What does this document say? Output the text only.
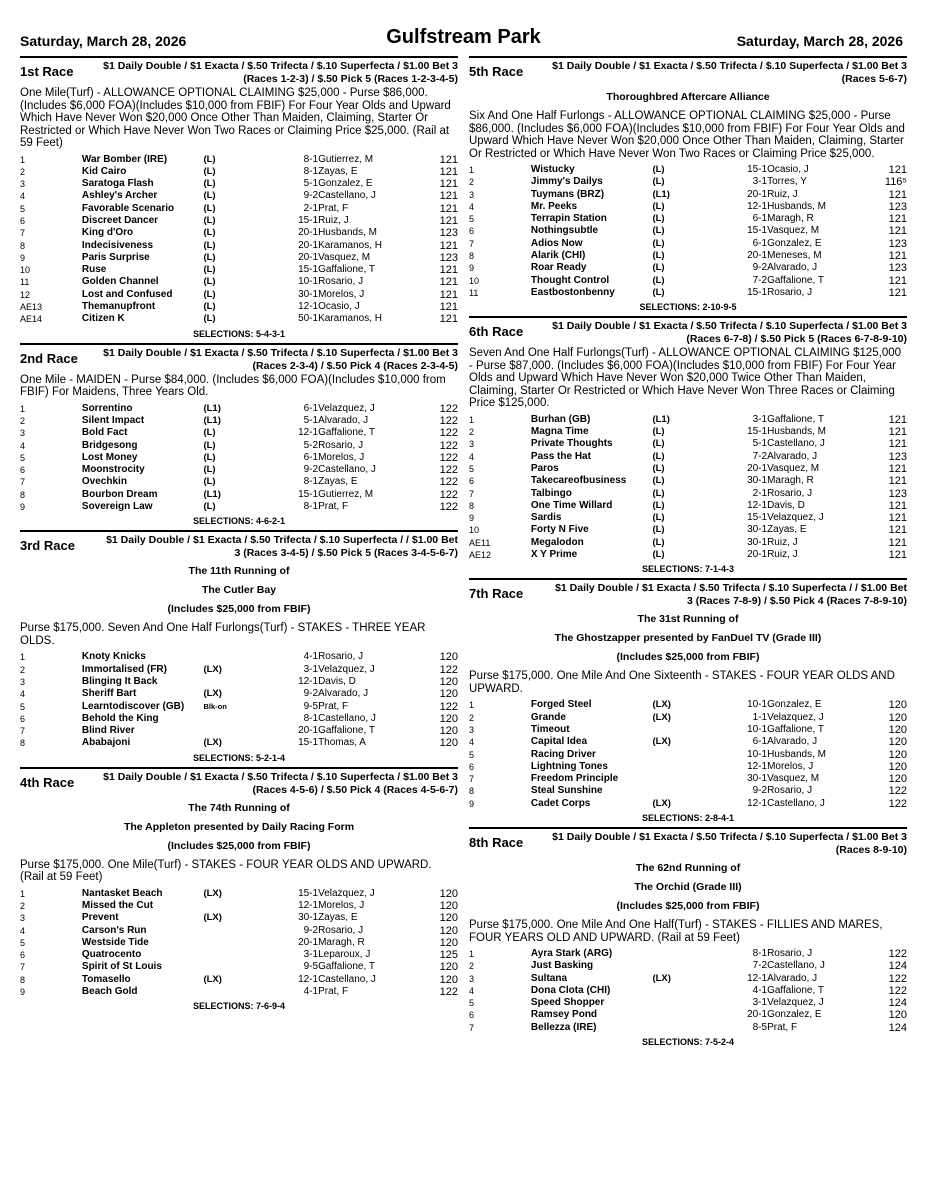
Saturday, March 28, 2026	Gulfstream Park	Saturday, March 28, 2026
1st Race	$1 Daily Double / $1 Exacta / $.50 Trifecta / $.10 Superfecta / $1.00 Bet 3 (Races 1-2-3) / $.50 Pick 5 (Races 1-2-3-4-5)
One Mile(Turf) - ALLOWANCE OPTIONAL CLAIMING $25,000 - Purse $86,000. (Includes $6,000 FOA)(Includes $10,000 from FBIF) For Four Year Olds and Upward Which Have Never Won $20,000 Once Other Than Maiden, Claiming, Starter Or Restricted or Which Have Never Won Two Races or Claiming Price $25,000. (Rail at 59 Feet)
1	War Bomber (IRE)	(L)	8-1	Gutierrez, M	121
2	Kid Cairo	(L)	8-1	Zayas, E	121
3	Saratoga Flash	(L)	5-1	Gonzalez, E	121
4	Ashley's Archer	(L)	9-2	Castellano, J	121
5	Favorable Scenario	(L)	2-1	Prat, F	121
6	Discreet Dancer	(L)	15-1	Ruiz, J	121
7	King d'Oro	(L)	20-1	Husbands, M	123
8	Indecisiveness	(L)	20-1	Karamanos, H	121
9	Paris Surprise	(L)	20-1	Vasquez, M	123
10	Ruse	(L)	15-1	Gaffalione, T	121
11	Golden Channel	(L)	10-1	Rosario, J	121
12	Lost and Confused	(L)	30-1	Morelos, J	121
AE13	Themanupfront	(L)	12-1	Ocasio, J	121
AE14	Citizen K	(L)	50-1	Karamanos, H	121
SELECTIONS: 5-4-3-1
2nd Race	$1 Daily Double / $1 Exacta / $.50 Trifecta / $.10 Superfecta / $1.00 Bet 3 (Races 2-3-4) / $.50 Pick 4 (Races 2-3-4-5)
One Mile - MAIDEN - Purse $84,000. (Includes $6,000 FOA)(Includes $10,000 from FBIF) For Maidens, Three Years Old.
1	Sorrentino	(L1)	6-1	Velazquez, J	122
2	Silent Impact	(L1)	5-1	Alvarado, J	122
3	Bold Fact	(L)	12-1	Gaffalione, T	122
4	Bridgesong	(L)	5-2	Rosario, J	122
5	Lost Money	(L)	6-1	Morelos, J	122
6	Moonstrocity	(L)	9-2	Castellano, J	122
7	Ovechkin	(L)	8-1	Zayas, E	122
8	Bourbon Dream	(L1)	15-1	Gutierrez, M	122
9	Sovereign Law	(L)	8-1	Prat, F	122
SELECTIONS: 4-6-2-1
3rd Race	$1 Daily Double / $1 Exacta / $.50 Trifecta / $.10 Superfecta / / $1.00 Bet 3 (Races 3-4-5) / $.50 Pick 5 (Races 3-4-5-6-7)
The 11th Running of
The Cutler Bay
(Includes $25,000 from FBIF)
Purse $175,000. Seven And One Half Furlongs(Turf) - STAKES - THREE YEAR OLDS.
1	Knoty Knicks		4-1	Rosario, J	120
2	Immortalised (FR)	(LX)	3-1	Velazquez, J	122
3	Blinging It Back		12-1	Davis, D	120
4	Sheriff Bart	(LX)	9-2	Alvarado, J	120
5	Learntodiscover (GB)	Blk-on	9-5	Prat, F	122
6	Behold the King		8-1	Castellano, J	120
7	Blind River		20-1	Gaffalione, T	120
8	Ababajoni	(LX)	15-1	Thomas, A	120
SELECTIONS: 5-2-1-4
4th Race	$1 Daily Double / $1 Exacta / $.50 Trifecta / $.10 Superfecta / $1.00 Bet 3 (Races 4-5-6) / $.50 Pick 4 (Races 4-5-6-7)
The 74th Running of
The Appleton presented by Daily Racing Form
(Includes $25,000 from FBIF)
Purse $175,000. One Mile(Turf) - STAKES - FOUR YEAR OLDS AND UPWARD. (Rail at 59 Feet)
1	Nantasket Beach	(LX)	15-1	Velazquez, J	120
2	Missed the Cut		12-1	Morelos, J	120
3	Prevent	(LX)	30-1	Zayas, E	120
4	Carson's Run		9-2	Rosario, J	120
5	Westside Tide		20-1	Maragh, R	120
6	Quatrocento		3-1	Leparoux, J	125
7	Spirit of St Louis		9-5	Gaffalione, T	120
8	Tomasello	(LX)	12-1	Castellano, J	120
9	Beach Gold		4-1	Prat, F	122
SELECTIONS: 7-6-9-4
5th Race	$1 Daily Double / $1 Exacta / $.50 Trifecta / $.10 Superfecta / $1.00 Bet 3 (Races 5-6-7)
Thoroughbred Aftercare Alliance
Six And One Half Furlongs - ALLOWANCE OPTIONAL CLAIMING $25,000 - Purse $86,000. (Includes $6,000 FOA)(Includes $10,000 from FBIF) For Four Year Olds and Upward Which Have Never Won $20,000 Once Other Than Maiden, Claiming, Starter Or Restricted or Which Have Never Won Two Races or Claiming Price $25,000.
1	Wistucky	(L)	15-1	Ocasio, J	121
2	Jimmy's Dailys	(L)	3-1	Torres, Y	116⁵
3	Tuymans (BRZ)	(L1)	20-1	Ruiz, J	121
4	Mr. Peeks	(L)	12-1	Husbands, M	123
5	Terrapin Station	(L)	6-1	Maragh, R	121
6	Nothingsubtle	(L)	15-1	Vasquez, M	121
7	Adios Now	(L)	6-1	Gonzalez, E	123
8	Alarik (CHI)	(L)	20-1	Meneses, M	121
9	Roar Ready	(L)	9-2	Alvarado, J	123
10	Thought Control	(L)	7-2	Gaffalione, T	121
11	Eastbostonbenny	(L)	15-1	Rosario, J	121
SELECTIONS: 2-10-9-5
6th Race	$1 Daily Double / $1 Exacta / $.50 Trifecta / $.10 Superfecta / $1.00 Bet 3 (Races 6-7-8) / $.50 Pick 5 (Races 6-7-8-9-10)
Seven And One Half Furlongs(Turf) - ALLOWANCE OPTIONAL CLAIMING $125,000 - Purse $87,000. (Includes $6,000 FOA)(Includes $10,000 from FBIF) For Four Year Olds and Upward Which Have Never Won $20,000 Twice Other Than Maiden, Claiming, Starter Or Restricted or Which Have Never Won Three Races or Claiming Price $125,000.
1	Burhan (GB)	(L1)	3-1	Gaffalione, T	121
2	Magna Time	(L)	15-1	Husbands, M	121
3	Private Thoughts	(L)	5-1	Castellano, J	121
4	Pass the Hat	(L)	7-2	Alvarado, J	123
5	Paros	(L)	20-1	Vasquez, M	121
6	Takecareofbusiness	(L)	30-1	Maragh, R	121
7	Talbingo	(L)	2-1	Rosario, J	123
8	One Time Willard	(L)	12-1	Davis, D	121
9	Sardis	(L)	15-1	Velazquez, J	121
10	Forty N Five	(L)	30-1	Zayas, E	121
AE11	Megalodon	(L)	30-1	Ruiz, J	121
AE12	X Y Prime	(L)	20-1	Ruiz, J	121
SELECTIONS: 7-1-4-3
7th Race	$1 Daily Double / $1 Exacta / $.50 Trifecta / $.10 Superfecta / / $1.00 Bet 3 (Races 7-8-9) / $.50 Pick 4 (Races 7-8-9-10)
The 31st Running of
The Ghostzapper presented by FanDuel TV (Grade III)
(Includes $25,000 from FBIF)
Purse $175,000. One Mile And One Sixteenth - STAKES - FOUR YEAR OLDS AND UPWARD.
1	Forged Steel	(LX)	10-1	Gonzalez, E	120
2	Grande	(LX)	1-1	Velazquez, J	120
3	Timeout		10-1	Gaffalione, T	120
4	Capital Idea	(LX)	6-1	Alvarado, J	120
5	Racing Driver		10-1	Husbands, M	120
6	Lightning Tones		12-1	Morelos, J	120
7	Freedom Principle		30-1	Vasquez, M	120
8	Steal Sunshine		9-2	Rosario, J	122
9	Cadet Corps	(LX)	12-1	Castellano, J	122
SELECTIONS: 2-8-4-1
8th Race	$1 Daily Double / $1 Exacta / $.50 Trifecta / $.10 Superfecta / $1.00 Bet 3 (Races 8-9-10)
The 62nd Running of
The Orchid (Grade III)
(Includes $25,000 from FBIF)
Purse $175,000. One Mile And One Half(Turf) - STAKES - FILLIES AND MARES, FOUR YEARS OLD AND UPWARD. (Rail at 59 Feet)
1	Ayra Stark (ARG)		8-1	Rosario, J	122
2	Just Basking		7-2	Castellano, J	124
3	Sultana	(LX)	12-1	Alvarado, J	122
4	Dona Clota (CHI)		4-1	Gaffalione, T	122
5	Speed Shopper		3-1	Velazquez, J	124
6	Ramsey Pond		20-1	Gonzalez, E	120
7	Bellezza (IRE)		8-5	Prat, F	124
SELECTIONS: 7-5-2-4
